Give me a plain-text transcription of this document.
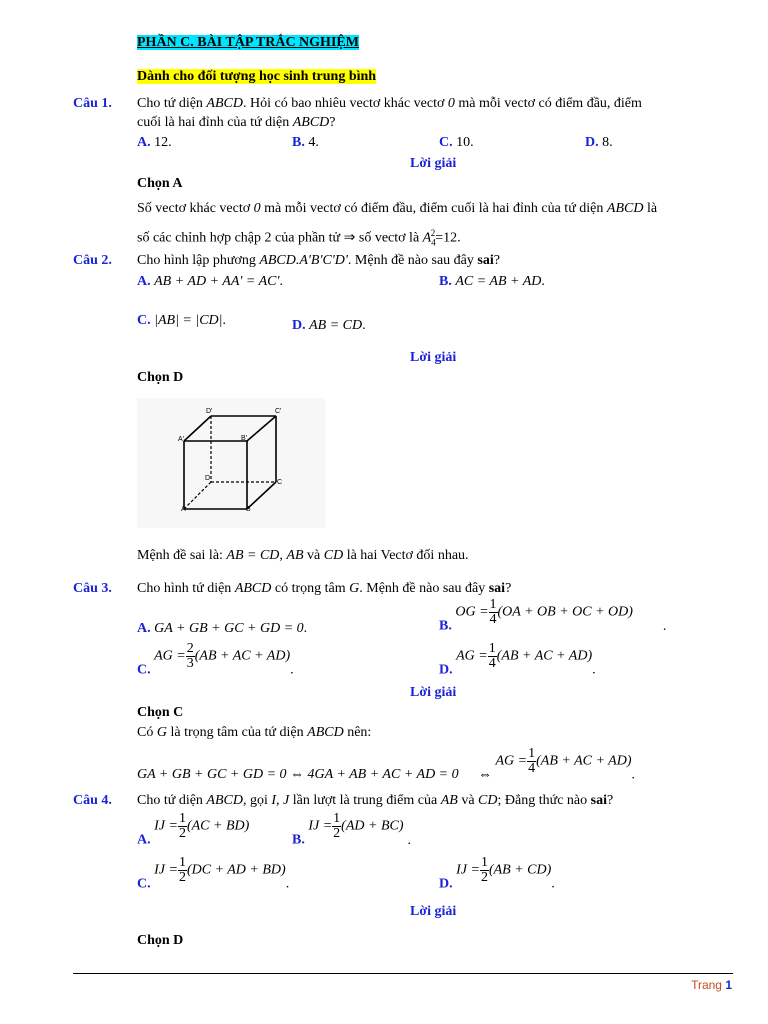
PHẦN C. BÀI TẬP TRẮC NGHIỆM
Dành cho đối tượng học sinh trung bình
Câu 1. Cho tứ diện ABCD. Hỏi có bao nhiêu vectơ khác vectơ 0 mà mỗi vectơ có điểm đầu, điểm
cuối là hai đỉnh của tứ diện ABCD?
A. 12.	B. 4.	C. 10.	D. 8.
Lời giải
Chọn A
Số vectơ khác vectơ 0 mà mỗi vectơ có điểm đầu, điểm cuối là hai đỉnh của tứ diện ABCD là
số các chỉnh hợp chập 2 của phần tử ⇒ số vectơ là $A_4^2=12$.
Câu 2. Cho hình lập phương ABCD.A'B'C'D'. Mệnh đề nào sau đây sai?
A. AB + AD + AA' = AC'.	B. AC = AB + AD.
C. |AB| = |CD|.	D. AB = CD.
Lời giải
Chọn D
D'	C'
A'	B'
D
C
A	B
Mệnh đề sai là: AB = CD, AB và CD là hai Vectơ đối nhau.
Câu 3. Cho hình tứ diện ABCD có trọng tâm G. Mệnh đề nào sau đây sai?
A. GA + GB + GC + GD = 0.	B. OG = $\frac{1}{4} (OA$ + OB + OC + OD).
C. AG = $\frac{2}{3} (AB$ + AC + AD).	D. AG = $\frac{1}{4} (AB$ + AC + AD).
Lời giải
Chọn C
Có G là trọng tâm của tứ diện ABCD nên:
GA + GB + GC + GD = 0 ⇔ 4GA + AB + AC + AD = 0 ⇔ AG = $\frac{1}{4} (AB$ + AC + AD).
Câu 4. Cho tứ diện ABCD, gọi I, J lần lượt là trung điểm của AB và CD; Đẳng thức nào sai?
A. IJ = $\frac{1}{2} (AC + BD)$
B. IJ = $\frac{1}{2} (AD + BC)$.
C. IJ = $\frac{1}{2} (DC$ + AD + BD).	D. IJ = $\frac{1}{2} (AB + CD)$.
Lời giải
Chọn D
Trang 1
